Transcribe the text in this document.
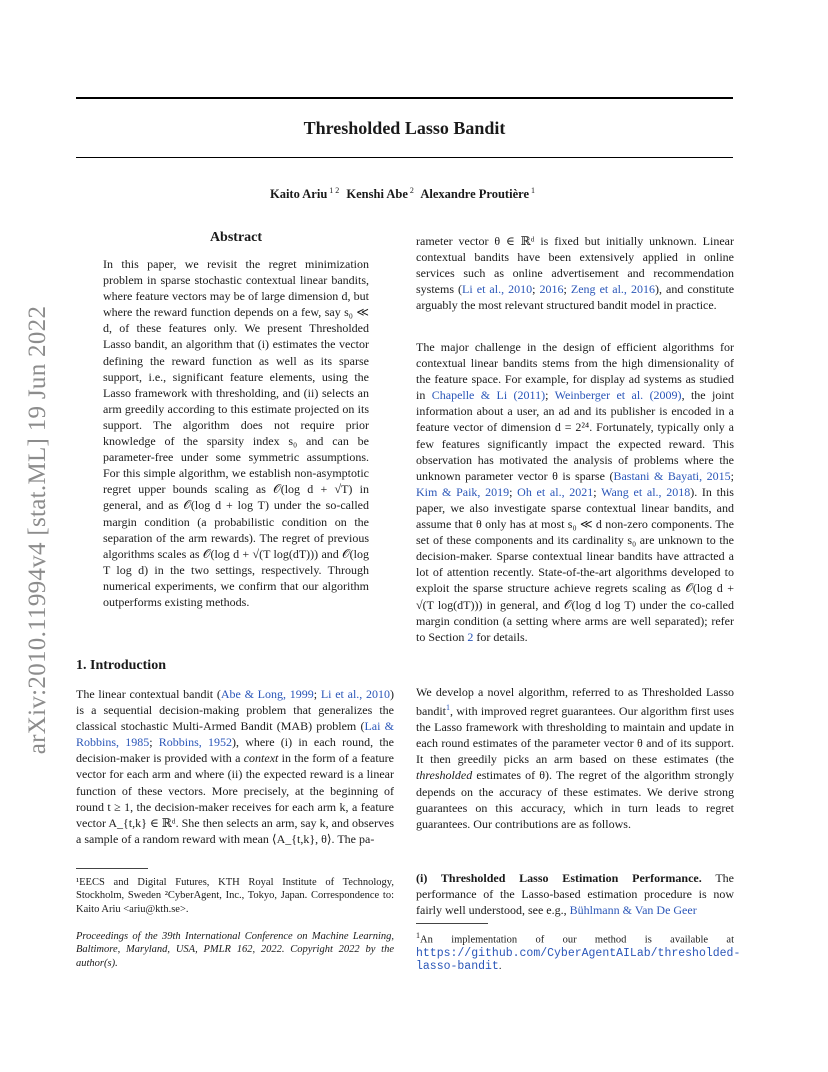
arXiv:2010.11994v4 [stat.ML] 19 Jun 2022
Thresholded Lasso Bandit
Kaito Ariu $^{1 2}$ Kenshi Abe $^2$ Alexandre Proutière $^1$
Abstract

In this paper, we revisit the regret minimization problem in sparse stochastic contextual linear bandits, where feature vectors may be of large dimension d, but where the reward function depends on a few, say s₀ ≪ d, of these features only. We present Thresholded Lasso bandit, an algorithm that (i) estimates the vector defining the reward function as well as its sparse support, i.e., significant feature elements, using the Lasso framework with thresholding, and (ii) selects an arm greedily according to this estimate projected on its support. The algorithm does not require prior knowledge of the sparsity index s₀ and can be parameter-free under some symmetric assumptions. For this simple algorithm, we establish non-asymptotic regret upper bounds scaling as 𝒪(log d + √T) in general, and as 𝒪(log d + log T) under the so-called margin condition (a probabilistic condition on the separation of the arm rewards). The regret of previous algorithms scales as 𝒪(log d + √(T log(dT))) and 𝒪(log T log d) in the two settings, respectively. Through numerical experiments, we confirm that our algorithm outperforms existing methods.

1. Introduction

The linear contextual bandit (Abe & Long, 1999; Li et al., 2010) is a sequential decision-making problem that generalizes the classical stochastic Multi-Armed Bandit (MAB) problem (Lai & Robbins, 1985; Robbins, 1952), where (i) in each round, the decision-maker is provided with a context in the form of a feature vector for each arm and where (ii) the expected reward is a linear function of these vectors. More precisely, at the beginning of round t ≥ 1, the decision-maker receives for each arm k, a feature vector A_{t,k} ∈ ℝᵈ. She then selects an arm, say k, and observes a sample of a random reward with mean ⟨A_{t,k}, θ⟩. The pa-

rameter vector θ ∈ ℝᵈ is fixed but initially unknown. Linear contextual bandits have been extensively applied in online services such as online advertisement and recommendation systems (Li et al., 2010; 2016; Zeng et al., 2016), and constitute arguably the most relevant structured bandit model in practice.

The major challenge in the design of efficient algorithms for contextual linear bandits stems from the high dimensionality of the feature space. For example, for display ad systems as studied in Chapelle & Li (2011); Weinberger et al. (2009), the joint information about a user, an ad and its publisher is encoded in a feature vector of dimension d = 2²⁴. Fortunately, typically only a few features significantly impact the expected reward. This observation has motivated the analysis of problems where the unknown parameter vector θ is sparse (Bastani & Bayati, 2015; Kim & Paik, 2019; Oh et al., 2021; Wang et al., 2018). In this paper, we also investigate sparse contextual linear bandits, and assume that θ only has at most s₀ ≪ d non-zero components. The set of these components and its cardinality s₀ are unknown to the decision-maker. Sparse contextual linear bandits have attracted a lot of attention recently. State-of-the-art algorithms developed to exploit the sparse structure achieve regrets scaling as 𝒪(log d + √(T log(dT))) in general, and 𝒪(log d log T) under the co-called margin condition (a setting where arms are well separated); refer to Section 2 for details.

We develop a novel algorithm, referred to as Thresholded Lasso bandit$^1$, with improved regret guarantees. Our algorithm first uses the Lasso framework with thresholding to maintain and update in each round estimates of the parameter vector θ and of its support. It then greedily picks an arm based on these estimates (the thresholded estimates of θ). The regret of the algorithm strongly depends on the accuracy of these estimates. We derive strong guarantees on this accuracy, which in turn leads to regret guarantees. Our contributions are as follows.

(i) Thresholded Lasso Estimation Performance. The performance of the Lasso-based estimation procedure is now fairly well understood, see e.g., Bühlmann & Van De Geer

¹EECS and Digital Futures, KTH Royal Institute of Technology, Stockholm, Sweden ²CyberAgent, Inc., Tokyo, Japan. Correspondence to: Kaito Ariu <ariu@kth.se>.
Proceedings of the 39th International Conference on Machine Learning, Baltimore, Maryland, USA, PMLR 162, 2022. Copyright 2022 by the author(s).
$^1$An implementation of our method is available at https://github.com/CyberAgentAILab/thresholded-lasso-bandit.
